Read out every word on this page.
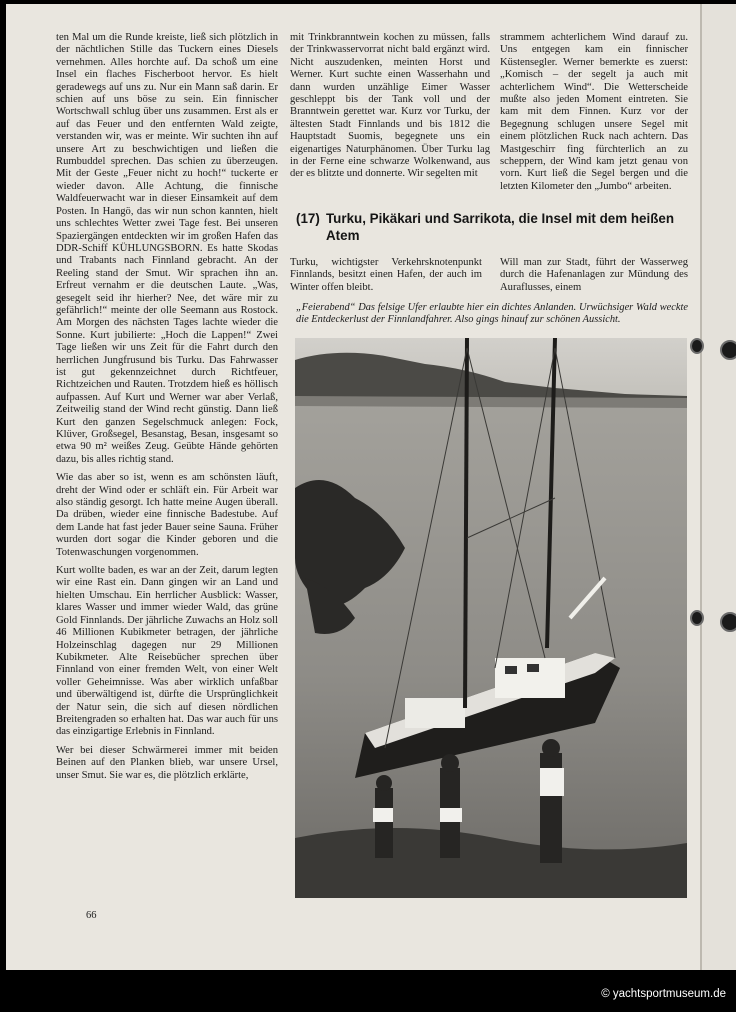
ten Mal um die Runde kreiste, ließ sich plötzlich in der nächtlichen Stille das Tuckern eines Diesels vernehmen. Alles horchte auf. Da schoß um eine Insel ein flaches Fischerboot hervor. Es hielt geradewegs auf uns zu. Nur ein Mann saß darin. Er schien auf uns böse zu sein. Ein finnischer Wortschwall schlug über uns zusammen. Erst als er auf das Feuer und den entfernten Wald zeigte, verstanden wir, was er meinte. Wir suchten ihn auf unsere Art zu beschwichtigen und ließen die Rumbuddel sprechen. Das schien zu überzeugen. Mit der Geste „Feuer nicht zu hoch!“ tuckerte er wieder davon. Alle Achtung, die finnische Waldfeuerwacht war in dieser Einsamkeit auf dem Posten. In Hangö, das wir nun schon kannten, hielt uns schlechtes Wetter zwei Tage fest. Bei unseren Spaziergängen entdeckten wir im großen Hafen das DDR-Schiff KÜHLUNGSBORN. Es hatte Skodas und Trabants nach Finnland gebracht. An der Reeling stand der Smut. Wir sprachen ihn an. Erfreut vernahm er die deutschen Laute. „Was, gesegelt seid ihr hierher? Nee, det wäre mir zu gefährlich!“ meinte der olle Seemann aus Rostock. Am Morgen des nächsten Tages lachte wieder die Sonne. Kurt jubilierte: „Hoch die Lappen!“ Zwei Tage ließen wir uns Zeit für die Fahrt durch den herrlichen Jungfrusund bis Turku. Das Fahrwasser ist gut gekennzeichnet durch Richtfeuer, Richtzeichen und Rauten. Trotzdem hieß es höllisch aufpassen. Auf Kurt und Werner war aber Verlaß, Zeitweilig stand der Wind recht günstig. Dann ließ Kurt den ganzen Segelschmuck anlegen: Fock, Klüver, Großsegel, Besanstag, Besan, insgesamt so etwa 90 m² weißes Zeug. Geübte Hände gehörten dazu, bis alles richtig stand.

Wie das aber so ist, wenn es am schönsten läuft, dreht der Wind oder er schläft ein. Für Arbeit war also ständig gesorgt. Ich hatte meine Augen überall. Da drüben, wieder eine finnische Badestube. Auf dem Lande hat fast jeder Bauer seine Sauna. Früher wurden dort sogar die Kinder geboren und die Totenwaschungen vorgenommen.

Kurt wollte baden, es war an der Zeit, darum legten wir eine Rast ein. Dann gingen wir an Land und hielten Umschau. Ein herrlicher Ausblick: Wasser, klares Wasser und immer wieder Wald, das grüne Gold Finnlands. Der jährliche Zuwachs an Holz soll 46 Millionen Kubikmeter betragen, der jährliche Holzeinschlag dagegen nur 29 Millionen Kubikmeter. Alte Reisebücher sprechen über Finnland von einer fremden Welt, von einer Welt voller Geheimnisse. Was aber wirklich unfaßbar und überwältigend ist, dürfte die Ursprünglichkeit der Natur sein, die sich auf diesen nördlichen Breitengraden so erhalten hat. Das war auch für uns das einzigartige Erlebnis in Finnland.

Wer bei dieser Schwärmerei immer mit beiden Beinen auf den Planken blieb, war unsere Ursel, unser Smut. Sie war es, die plötzlich erklärte,

mit Trinkbranntwein kochen zu müssen, falls der Trinkwasservorrat nicht bald ergänzt wird. Nicht auszudenken, meinten Horst und Werner. Kurt suchte einen Wasserhahn und dann wurden unzählige Eimer Wasser geschleppt bis der Tank voll und der Branntwein gerettet war. Kurz vor Turku, der ältesten Stadt Finnlands und bis 1812 die Hauptstadt Suomis, begegnete uns ein eigenartiges Naturphänomen. Über Turku lag in der Ferne eine schwarze Wolkenwand, aus der es blitzte und donnerte. Wir segelten mit

strammem achterlichem Wind darauf zu. Uns entgegen kam ein finnischer Küstensegler. Werner bemerkte es zuerst: „Komisch – der segelt ja auch mit achterlichem Wind“. Die Wetterscheide mußte also jeden Moment eintreten. Sie kam mit dem Finnen. Kurz vor der Begegnung schlugen unsere Segel mit einem plötzlichen Ruck nach achtern. Das Mastgeschirr fing fürchterlich an zu scheppern, der Wind kam jetzt genau von vorn. Kurt ließ die Segel bergen und die letzten Kilometer den „Jumbo“ arbeiten.

(17) Turku, Pikäkari und Sarrikota, die Insel mit dem heißen Atem

Turku, wichtigster Verkehrsknotenpunkt Finnlands, besitzt einen Hafen, der auch im Winter offen bleibt.

Will man zur Stadt, führt der Wasserweg durch die Hafenanlagen zur Mündung des Auraflusses, einem

„Feierabend“ Das felsige Ufer erlaubte hier ein dichtes Anlanden. Urwüchsiger Wald weckte die Entdeckerlust der Finnlandfahrer. Also gings hinauf zur schönen Aussicht.
66
© yachtsportmuseum.de
